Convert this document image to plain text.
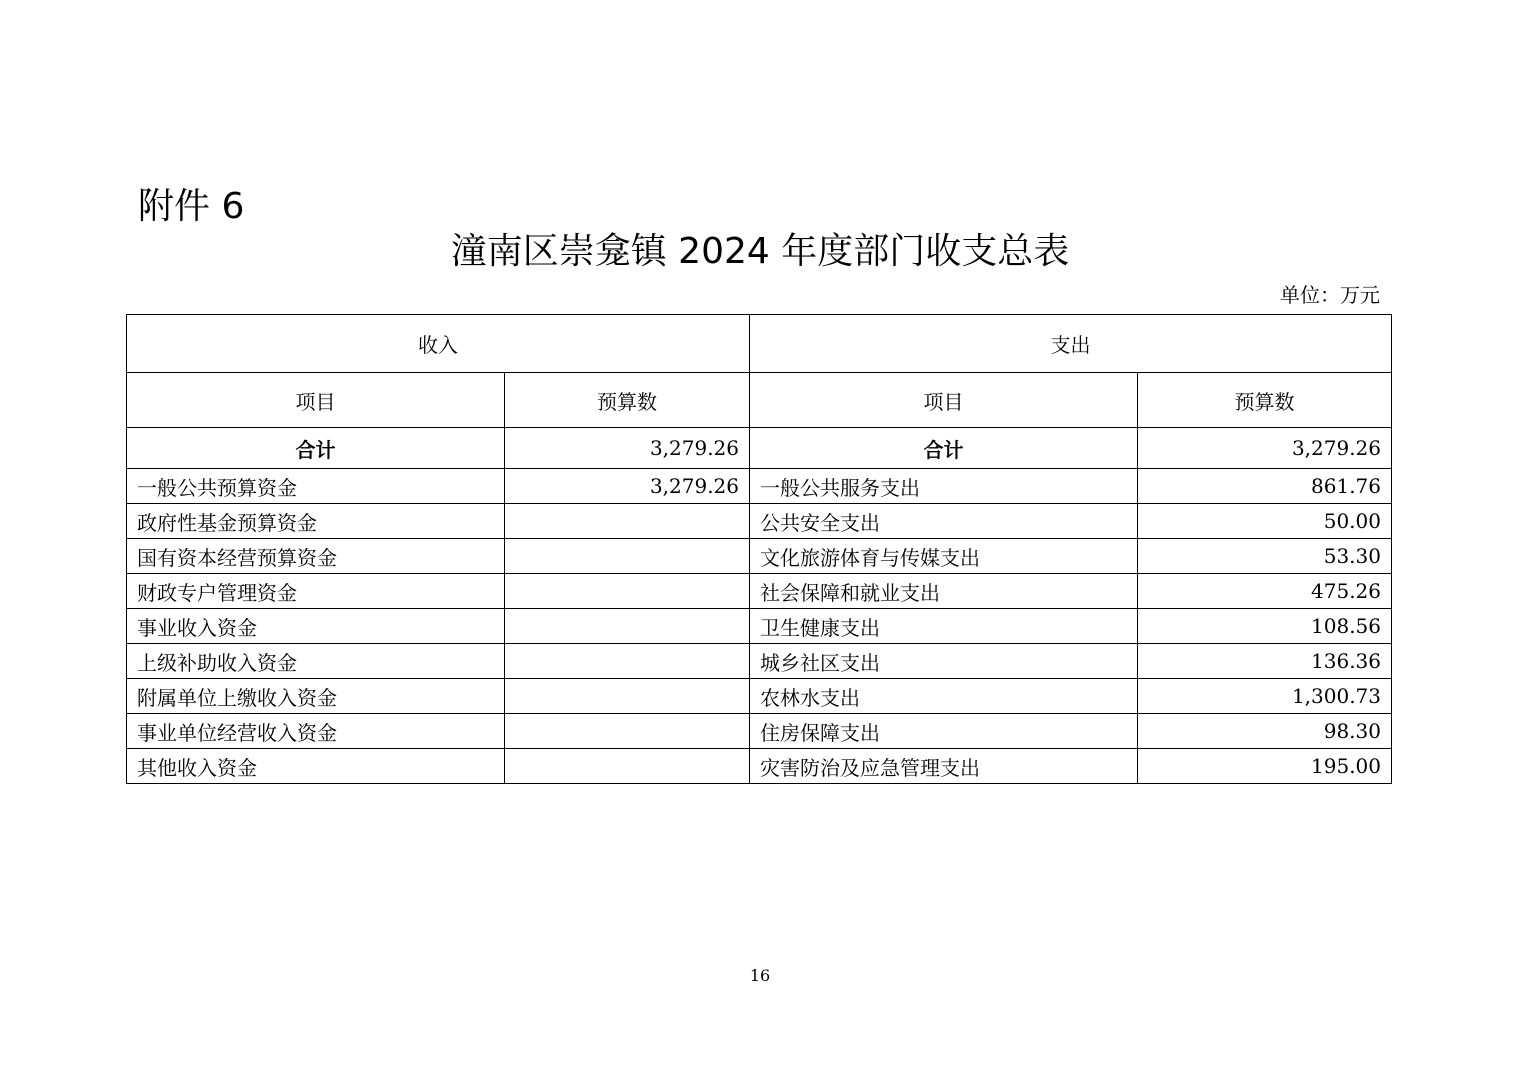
附件 6
潼南区崇龛镇 2024 年度部门收支总表
单位：万元
收入		支出	
项目	预算数	项目	预算数
合计	3,279.26	合计	3,279.26
一般公共预算资金	3,279.26	一般公共服务支出	861.76
政府性基金预算资金		公共安全支出	50.00
国有资本经营预算资金		文化旅游体育与传媒支出	53.30
财政专户管理资金		社会保障和就业支出	475.26
事业收入资金		卫生健康支出	108.56
上级补助收入资金		城乡社区支出	136.36
附属单位上缴收入资金		农林水支出	1,300.73
事业单位经营收入资金		住房保障支出	98.30
其他收入资金		灾害防治及应急管理支出	195.00
16
